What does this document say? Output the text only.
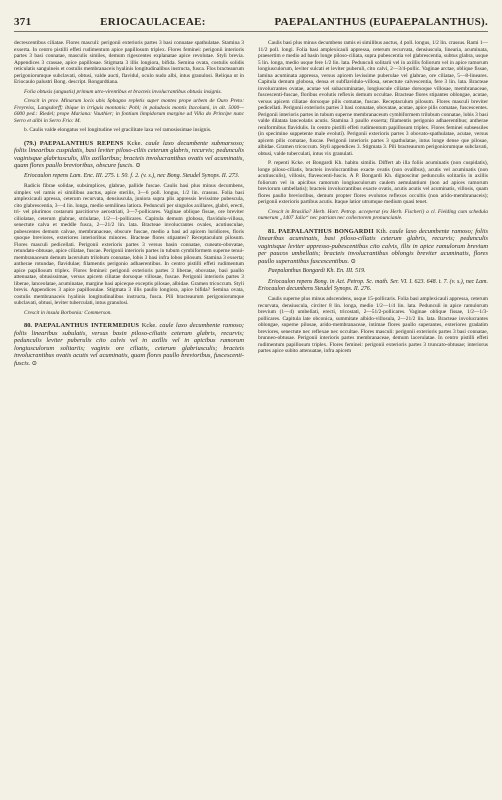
371	ERIOCAULACEAE:	PAEPALANTHUS (EUPAEPALANTHUS).

decrescentibus ciliatae. Flores masculi: perigonii exterioris partes 3 basi connatae spathulatae. Stamina 3 exserta. In centro pistilli effeti rudimentum apice papillosum triplex. Flores feminei: perigonii interioris partes 3 basi connatae, masculis similes, demum rigescentes explanatae apice revolutae. Styli brevia. Appendices 3 crassae, apice papillosae. Stigmata 3 illis longiora, bifida. Semina ovata, costulis solidis reticulatis sanguineis et costulis membranaceis hyalinis longitudinalibus instructa, fusca. Flos bracteaurum perigoniorumque subclavati, obtusi, valde aucti, flavidul, oculo nudo albi, intus granulosi. Reliqua ut in Eriocaulo palustri Bong. descript. Rongardtiana.

Folia obtusis (angustis) primum utro-virentibus et bracteis involucrantibus obtusis insignis.

Crescit in prov. Minarum locis ubis Sphagno repletis super montes prope urbem de Ouro Preto: Freyreiss, Langsdorff; ibique in irriguis montanis: Pohl; in paludosis montis Itacolumi, in alt. 5000—6000 ped.: Riedel; prope Mariana: Vauthier; in fontium limpidorum margine ad Villa do Principe nunc Serro et alibi in Serro Frio: M.

b. Caulis valde elongatus vel longitudine vel gracilitate laxa vel ramosissimae insignis.

(79.) PAEPALANTHUS REPENS Kcke. caule laxo decumbente submarsoso; foliis linearibus cuspidatis, basi leviter piloso-ciliis ceterum glabris, recurvis; pedunculis vaginisque glabriusculis, illis axillaribus; bracteis involucrantibus ovatis vel acuminatis, quam flores paullo brevioribus, obscure fuscis. ⊙

Eriocaulon repens Lam. Enc. III. 275. t. 50. f. 2. (v. s.), nec Bong. Steudel Synops. II. 273.

Radicis fibrae solidae, subsimplices, glabrae, pallide fuscae. Caulis basi plus minus decumbens, simplex vel ramis ei similibus auctus, apice sterilis, 3—6 poll. longus, 1/2 lin. crassus. Folia basi amplexicauli apressa, ceterum recurvata, densiuscula, juniora supra plis appressis levissime pubescula, cito glabrescentia, 3—4 lin. longa, medio semilinea latiora. Pedunculi per singulos axillares, glabri, erecti, tri- vel plurimos costarum parcitiorve aerostriati, 3—7-pollicares. Vaginae oblique fissae, ore breviter ciliolatae, ceterum glabrae, striulatae, 1/2—1-pollicares. Capitula demum globosa, flavidulo-villosa, senectute calva et meddle fusca, 2—21/2 lin. lata. Bracteae involucrantes ovales, acutiusculae, pubescentes demum calvae, membranaceae, obscure fuscae, medio a basi ad apicem luridiores, floris quoque breviores, exteriores interioribus minores. Bracteae flores stipantes? Receptaculum pilosum. Flores masculi pedicellati. Perigonii exterioris partes 3 versus basin connatae, cuneato-obovatae, retundato-obtusae, apice ciliatae, fuscae. Perigonii interioris partes in tubum cymbiformem superne tenui-membranaceum demum lacerulum trilobum connatae, lobis 3 basi infra lobos pilosum. Stamina 3 exserta; antherae rotundae, flavidulae; filamentis perigonio adhaerentibus. In centro pistilli effeti rudimentum apice papillosum triplex. Flores feminei: perigonii exterioris partes 3 liberae, obovatae, basi paullo attenuatae, obtusissimae, versus apicem ciliatae dorsoque villosae, fuscae. Perigonii interioris partes 3 liberae, lanceolatae, acuminatae, margine basi apiceque exceptis pilosae, albidae. Gramen tricoccum. Styli brevis. Appendices 3 apice papillosulae. Stigmata 3 illis paullo longiora, apice bifida? Semina ovata, costulis membranaceis hyalinis longitudinalibus instructa, fusca. Pili bracteaurum perigoniorumque subclavati, obtusi, leviter tuberculati, intus granulosi.

Crescit in insula Borbonia: Commerson.

80. PAEPALANTHUS INTERMEDIUS Kcke. caule laxo decumbente ramoso; foliis linearibus subulatis, versus basin piloso-ciliatis ceterum glabris, recurvis; pedunculis leviter puberulis cito calvis vel in axillis vel in apicibus ramorum longiusculorum solitariis; vaginis ore ciliatis, ceterum glabriusculis; bracteis involucrantibus ovatis acutis vel acuminatis, quam flores paullo brevioribus, fuscescenti-fuscis. ⊙

Caulis basi plus minus decumbens ramis ei similibus auctus, 4 poll. longus, 1/2 lin. crassus. Rami 1—11/2 poll. longi. Folia basi amplexicauli appressa, ceterum recurvata, densiuscula, linearia, acuminata, praesertim e medio ad basin longe piloso-ciliata, supra pubescentia vel glabrescentia, subtus glabra, usque 5 lin. longa, medio usque fere 1/2 lin. lata. Pedunculi solitarii vel in axillis foliorum vel in apice ramorum longiusculorum, leviter sulcati et leviter puberuli, cito calvi, 2—3/4-pollic. Vaginae arctae, oblique fissae, lamina acuminata appressa, versus apicem levissime puberulae vel glabrae, ore ciliatae, 5—8-lineares. Capitula demum globosa, densa et subflavidulo-villosa, senectute calvescentia, fere 3 lin. lata. Bracteae involucrantes ovatae, acutae vel subacuminatae, longiuscule ciliatae dorsoque villosae, membranaceae, fuscescenti-fuscae, floribus evolutis reflexis demum occultae. Bracteae flores stipantes oblongae, acutae, versus apicem ciliatae dorsoque pilis comatae, fuscae. Receptaculum pilosum. Flores masculi breviter pedicellati. Perigonii exterioris partes 3 basi connatae, obovatae, acutae, apice pilis comatae, fuscescentes. Perigonii interioris partes in tubum superne membranaceum cymbiformem trilobum connatae, lobis 3 basi valde dilatata lanceolatis acutis. Stamina 3 paullo exserta; filamentis perigonio adhaerentibus; antherae reniformibus flavidulis. In centro pistilli effeti rudimentum papillosum triplex. Flores feminei subsessiles (in specimine suppetente male evoluti). Perigonii exterioris partes 3 obovato-spathulatae, acutae, versus apicem pilis comatae, fuscae. Perigonii interioris partes 3 spathulatae, intus longe dense que pilosae, albidae. Gramen tricoccum. Styli appendices 3. Stigmata 3. Pili bracteaurum perigoniorumque subclavati, obtusi, valde tuberculati, intus vix granulati.

P. repenti Kcke. et Bongardi Kh. habitu similis. Differt ab illa foliis acuminatis (non cuspidatis), longe piloso-ciliatis, bracteis involucrantibus exacte ovatis (non ovalibus), acutis vel acuminatis (non acutiusculis), villosis, flavescenti-fuscis. A P. Bongardi Kh. dignoscitur pedunculis solitariis in axillis foliorum vel in apicibus ramorum longiusculorum caulem aemulantium (non ad apices ramorum breviorum umbellatis); bracteis involucrantibus exacte ovatis, acutis acutis vel acuminatis, villosis, quam flores paullo brevioribus, demum propter flores evolutos reflexos occultis (non arido-membranaceis); perigonii exterioris partibus acutis. Itaque latior utrumque medium quasi tenet.

Crescit in Brasilia? Herb. Hort. Petrop. acceperat (ex Herb. Fischeri) a cl. Fielding cum schedula numerum „1407 Jalio“ nec patriam nec collectorem pronuncianle.

81. PAEPALANTHUS BONGARDII Kth. caule laxo decumbente ramoso; foliis linearibus acuminatis, basi piloso-ciliatis ceterum glabris, recurvis; pedunculis vaginisque leviter appresso-pubescentibus cito calvis, illis in apice ramulorum brevium per paucos umbellatis; bracteis involucrantibus oblongis breviter acuminatis, flores paullo superantibus fuscescentibus. ⊙

Paepalanthus Bongardi Kh. En. III. 519.

Eriocaulon repens Bong. in Act. Petrop. Sc. math. Ser. VI. I. 623. 648. t. 7. (v. s.), nec Lam. Eriocaulon decumbens Steudel Synops. II. 276.

Caulis superne plus minus adscendens, usque 15-pollicaris. Folia basi amplexicauli appressa, ceterum recurvata, densiuscula, circiter 8 lin. longa, medio 1/2—1/4 lin. lata. Pedunculi in apice ramulorum brevium (1—4) umbellati, erecti, tricostati, 2—51/2-pollicares. Vaginae oblique fissae, 1/2—1/3-pollicares. Capitula late obconica, summitate albido-villosula, 2—21/2 lin. lata. Bracteae involucrantes oblongae, superne pilosae, arido-membranaceae, intimae flores paullo superantes, exteriores gradatim breviores, senectute nec reflexae nec occultae. Flores masculi: perigonii exterioris partes 3 basi connatae, brunneo-obtusae. Perigonii interioris partes membranaceae, demum lacerulatae. In centro pistilli effeti rudimentum papillosum triplex. Flores feminei: perigonii exterioris partes 3 truncato-obtusae; interiorus partes apice subito attenuatae, infra apicem
